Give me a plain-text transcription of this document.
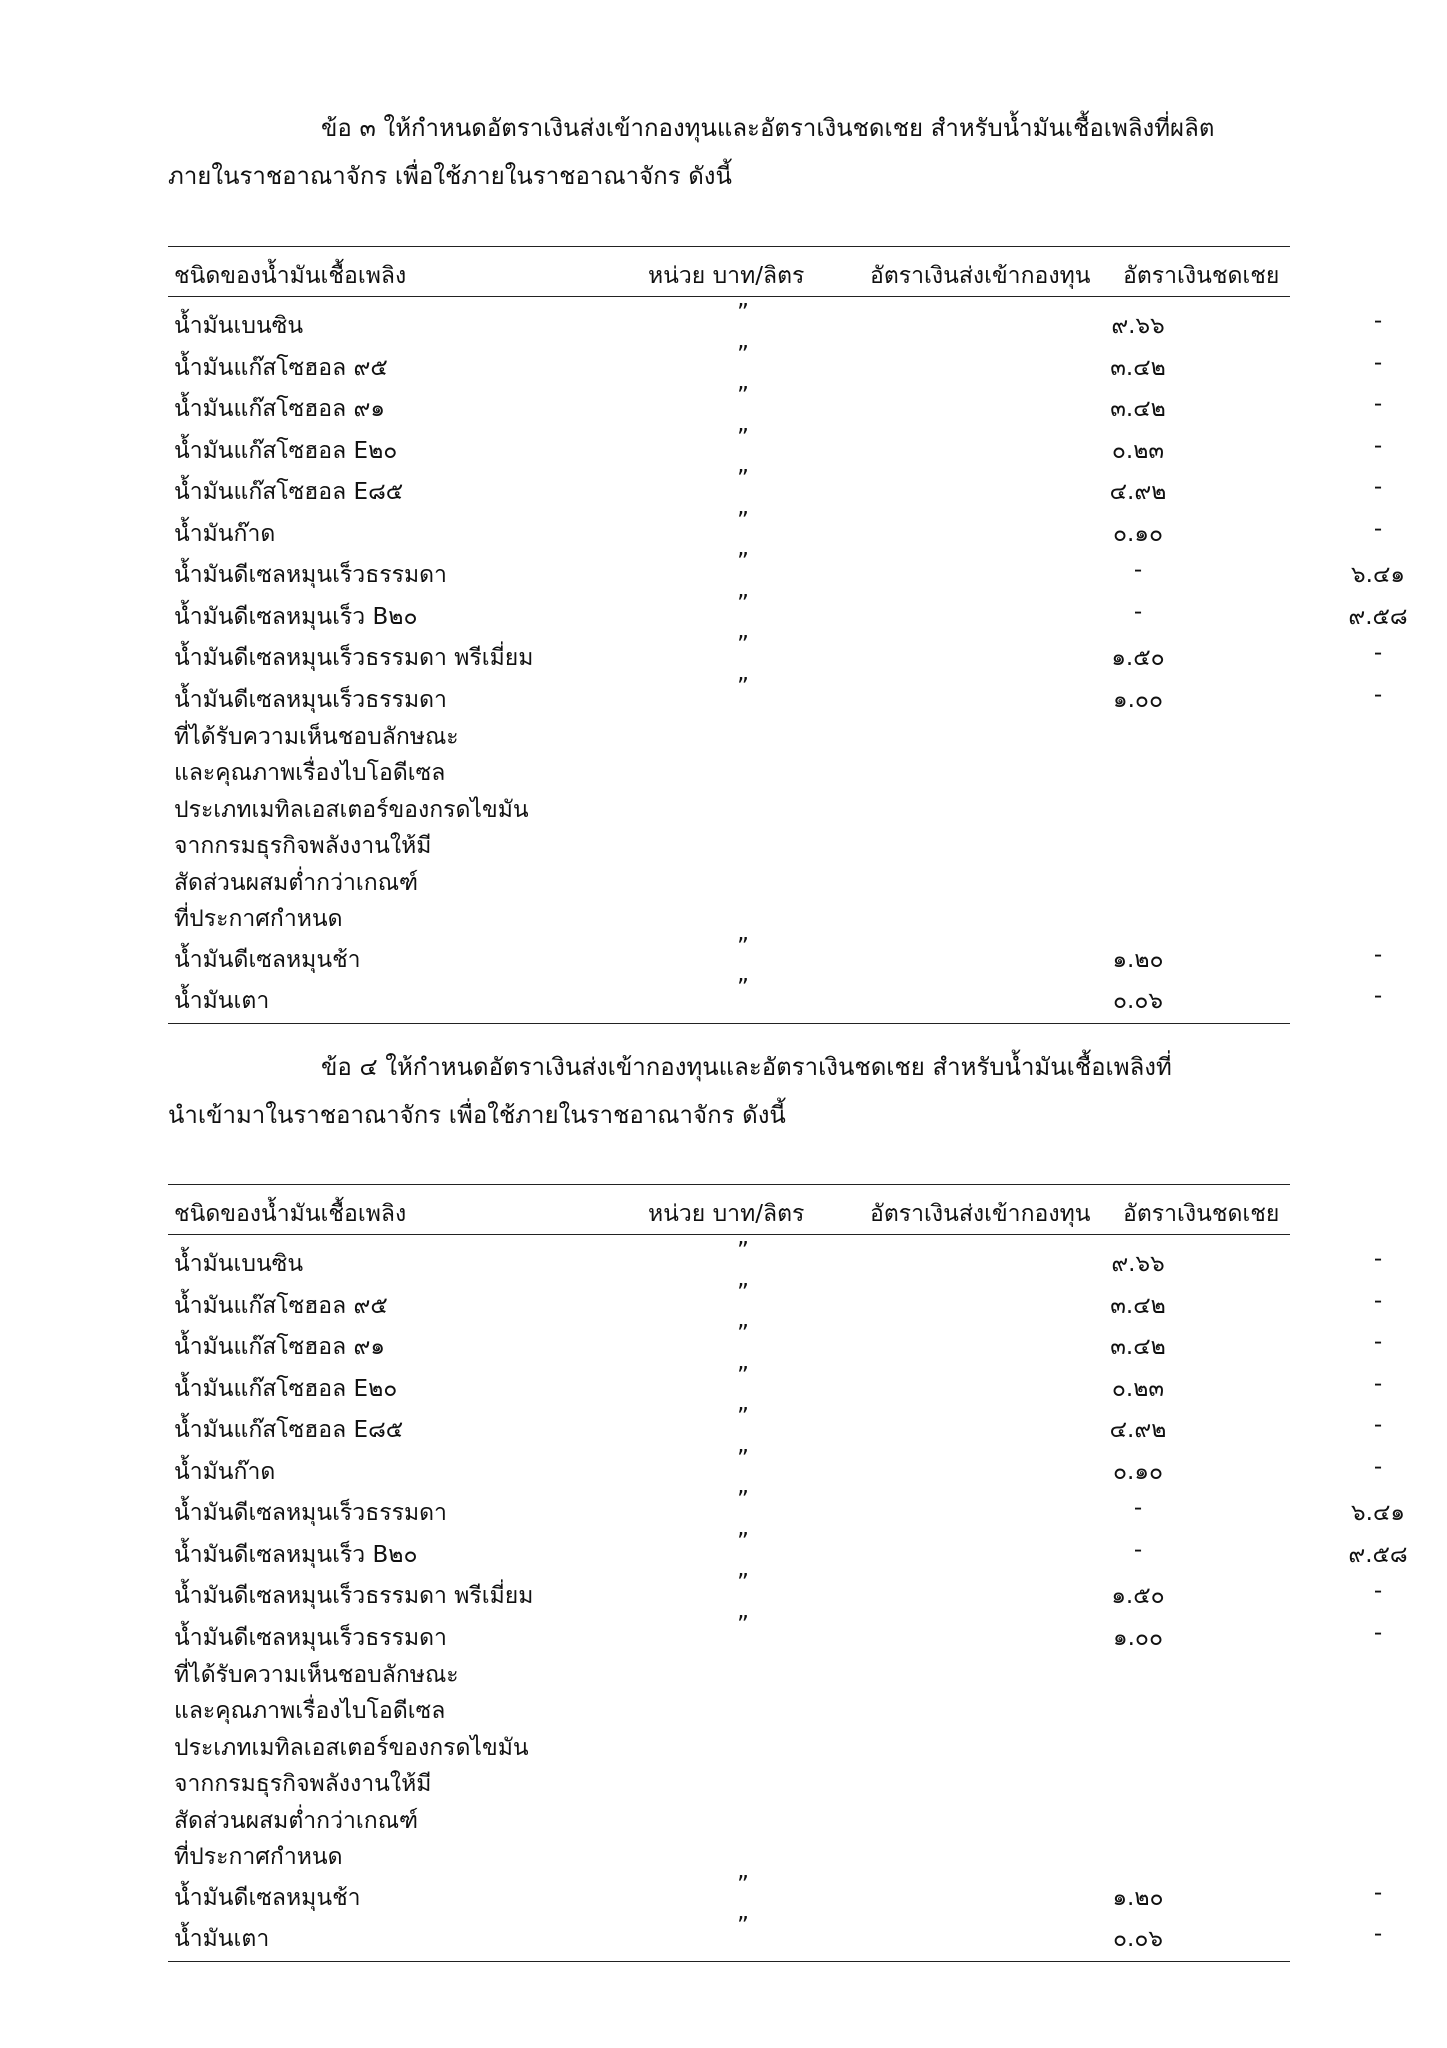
ข้อ ๓ ให้กำหนดอัตราเงินส่งเข้ากองทุนและอัตราเงินชดเชย สำหรับน้ำมันเชื้อเพลิงที่ผลิต
ภายในราชอาณาจักร เพื่อใช้ภายในราชอาณาจักร ดังนี้
ชนิดของน้ำมันเชื้อเพลิง	หน่วย บาท/ลิตร	อัตราเงินส่งเข้ากองทุน อัตราเงินชดเชย
น้ำมันเบนซิน	”	๙.๖๖	-
น้ำมันแก๊สโซฮอล ๙๕	”	๓.๔๒	-
น้ำมันแก๊สโซฮอล ๙๑	”	๓.๔๒	-
น้ำมันแก๊สโซฮอล E๒๐	”	๐.๒๓	-
น้ำมันแก๊สโซฮอล E๘๕	”	๔.๙๒	-
น้ำมันก๊าด	”	๐.๑๐	-
น้ำมันดีเซลหมุนเร็วธรรมดา	”	-	๖.๔๑
น้ำมันดีเซลหมุนเร็ว B๒๐	”	-	๙.๕๘
น้ำมันดีเซลหมุนเร็วธรรมดา พรีเมี่ยม	”	๑.๕๐	-
น้ำมันดีเซลหมุนเร็วธรรมดา	”	๑.๐๐	-
ที่ได้รับความเห็นชอบลักษณะ
และคุณภาพเรื่องไบโอดีเซล
ประเภทเมทิลเอสเตอร์ของกรดไขมัน
จากกรมธุรกิจพลังงานให้มี
สัดส่วนผสมต่ำกว่าเกณฑ์
ที่ประกาศกำหนด
น้ำมันดีเซลหมุนช้า	”	๑.๒๐	-
น้ำมันเตา	”	๐.๐๖	-
ข้อ ๔ ให้กำหนดอัตราเงินส่งเข้ากองทุนและอัตราเงินชดเชย สำหรับน้ำมันเชื้อเพลิงที่
นำเข้ามาในราชอาณาจักร เพื่อใช้ภายในราชอาณาจักร ดังนี้
ชนิดของน้ำมันเชื้อเพลิง	หน่วย บาท/ลิตร	อัตราเงินส่งเข้ากองทุน อัตราเงินชดเชย
น้ำมันเบนซิน	”	๙.๖๖	-
น้ำมันแก๊สโซฮอล ๙๕	”	๓.๔๒	-
น้ำมันแก๊สโซฮอล ๙๑	”	๓.๔๒	-
น้ำมันแก๊สโซฮอล E๒๐	”	๐.๒๓	-
น้ำมันแก๊สโซฮอล E๘๕	”	๔.๙๒	-
น้ำมันก๊าด	”	๐.๑๐	-
น้ำมันดีเซลหมุนเร็วธรรมดา	”	-	๖.๔๑
น้ำมันดีเซลหมุนเร็ว B๒๐	”	-	๙.๕๘
น้ำมันดีเซลหมุนเร็วธรรมดา พรีเมี่ยม	”	๑.๕๐	-
น้ำมันดีเซลหมุนเร็วธรรมดา	”	๑.๐๐	-
ที่ได้รับความเห็นชอบลักษณะ
และคุณภาพเรื่องไบโอดีเซล
ประเภทเมทิลเอสเตอร์ของกรดไขมัน
จากกรมธุรกิจพลังงานให้มี
สัดส่วนผสมต่ำกว่าเกณฑ์
ที่ประกาศกำหนด
น้ำมันดีเซลหมุนช้า	”	๑.๒๐	-
น้ำมันเตา	”	๐.๐๖	-
